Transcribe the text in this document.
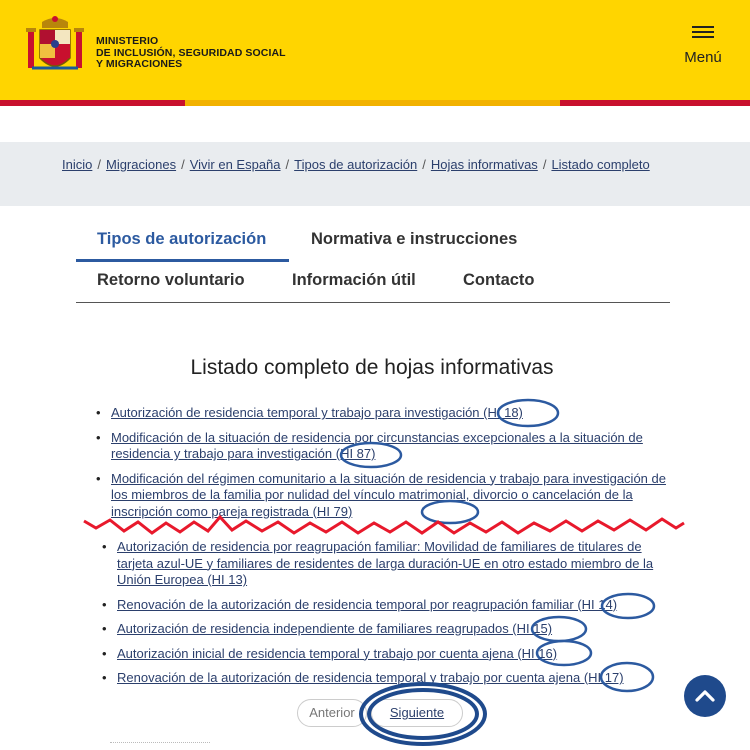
MINISTERIO
DE INCLUSIÓN, SEGURIDAD SOCIAL
Y MIGRACIONES	Menú
Inicio / Migraciones / Vivir en España / Tipos de autorización / Hojas informativas / Listado completo
Tipos de autorización	Normativa e instrucciones
Retorno voluntario	Información útil	Contacto
Listado completo de hojas informativas
• Autorización de residencia temporal y trabajo para investigación (HI 18)
• Modificación de la situación de residencia por circunstancias excepcionales a la situación de residencia y trabajo para investigación (HI 87)
• Modificación del régimen comunitario a la situación de residencia y trabajo para investigación de los miembros de la familia por nulidad del vínculo matrimonial, divorcio o cancelación de la inscripción como pareja registrada (HI 79)
• Autorización de residencia por reagrupación familiar: Movilidad de familiares de titulares de tarjeta azul-UE y familiares de residentes de larga duración-UE en otro estado miembro de la Unión Europea (HI 13)
• Renovación de la autorización de residencia temporal por reagrupación familiar (HI 14)
• Autorización de residencia independiente de familiares reagrupados (HI 15)
• Autorización inicial de residencia temporal y trabajo por cuenta ajena (HI 16)
• Renovación de la autorización de residencia temporal y trabajo por cuenta ajena (HI 17)
Anterior	Siguiente
